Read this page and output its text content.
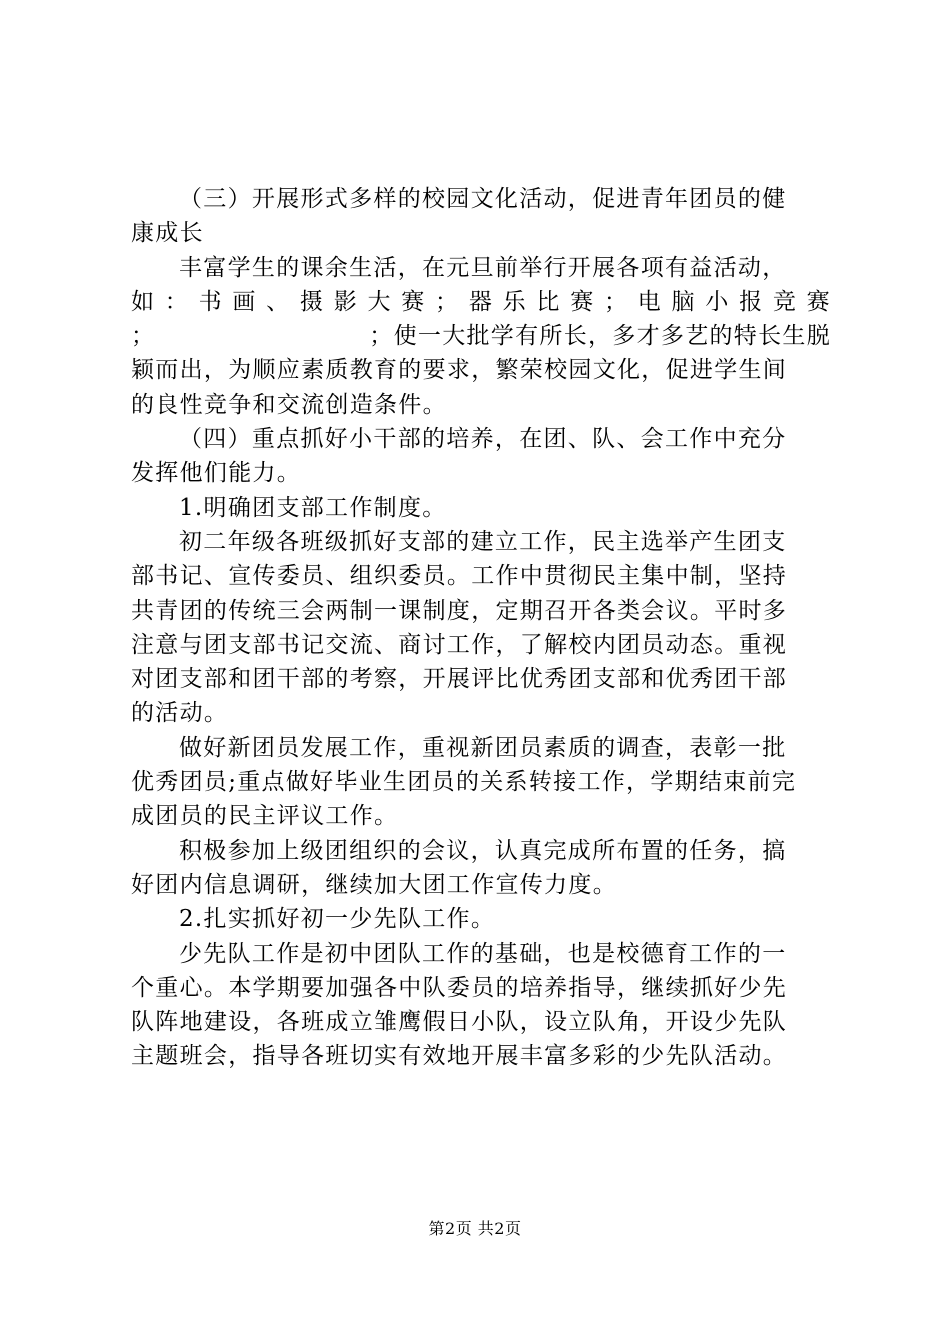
（三）开展形式多样的校园文化活动，促进青年团员的健
康成长
丰富学生的课余生活，在元旦前举行开展各项有益活动，
如：书画、摄影大赛；器乐比赛；电脑小报竞赛
；	；使一大批学有所长，多才多艺的特长生脱
颖而出，为顺应素质教育的要求，繁荣校园文化，促进学生间
的良性竞争和交流创造条件。
（四）重点抓好小干部的培养，在团、队、会工作中充分
发挥他们能力。
1.明确团支部工作制度。
初二年级各班级抓好支部的建立工作，民主选举产生团支
部书记、宣传委员、组织委员。工作中贯彻民主集中制，坚持
共青团的传统三会两制一课制度，定期召开各类会议。平时多
注意与团支部书记交流、商讨工作，了解校内团员动态。重视
对团支部和团干部的考察，开展评比优秀团支部和优秀团干部
的活动。
做好新团员发展工作，重视新团员素质的调查，表彰一批
优秀团员;重点做好毕业生团员的关系转接工作，学期结束前完
成团员的民主评议工作。
积极参加上级团组织的会议，认真完成所布置的任务，搞
好团内信息调研，继续加大团工作宣传力度。
2.扎实抓好初一少先队工作。
少先队工作是初中团队工作的基础，也是校德育工作的一
个重心。本学期要加强各中队委员的培养指导，继续抓好少先
队阵地建设，各班成立雏鹰假日小队，设立队角，开设少先队
主题班会，指导各班切实有效地开展丰富多彩的少先队活动。
第2页 共2页
